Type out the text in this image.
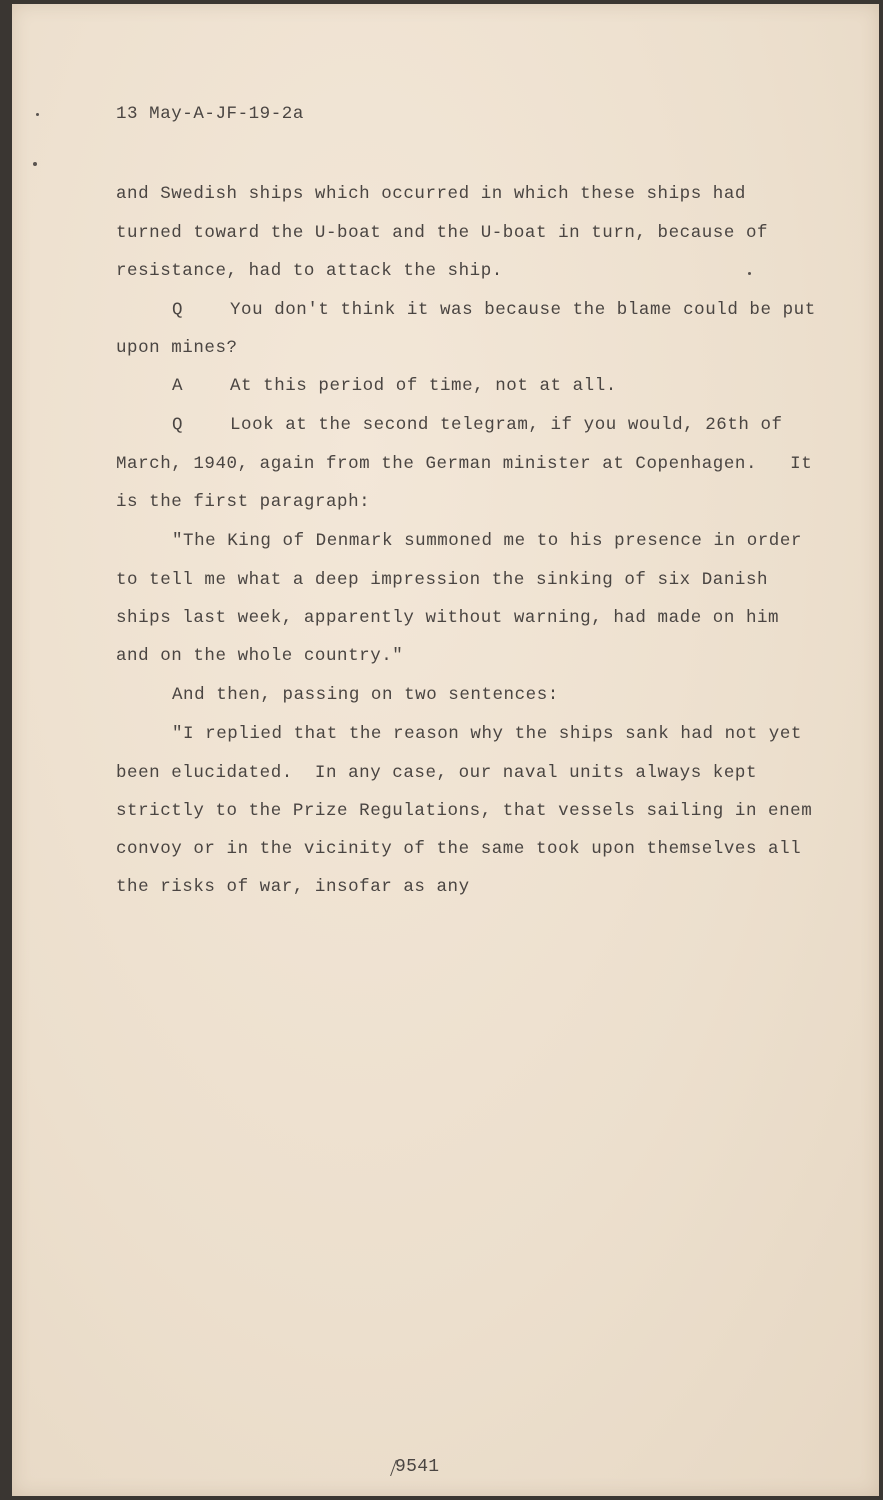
13 May-A-JF-19-2a
and Swedish ships which occurred in which these ships had
turned toward the U-boat and the U-boat in turn, because of
resistance, had to attack the ship.
Q	You don't think it was because the blame could be put
upon mines?
A	At this period of time, not at all.
Q	Look at the second telegram, if you would, 26th of
March, 1940, again from the German minister at Copenhagen.   It
is the first paragraph:
"The King of Denmark summoned me to his presence in order
to tell me what a deep impression the sinking of six Danish
ships last week, apparently without warning, had made on him
and on the whole country."
And then, passing on two sentences:
"I replied that the reason why the ships sank had not yet
been elucidated.  In any case, our naval units always kept
strictly to the Prize Regulations, that vessels sailing in enem
convoy or in the vicinity of the same took upon themselves all
the risks of war, insofar as any
9541
